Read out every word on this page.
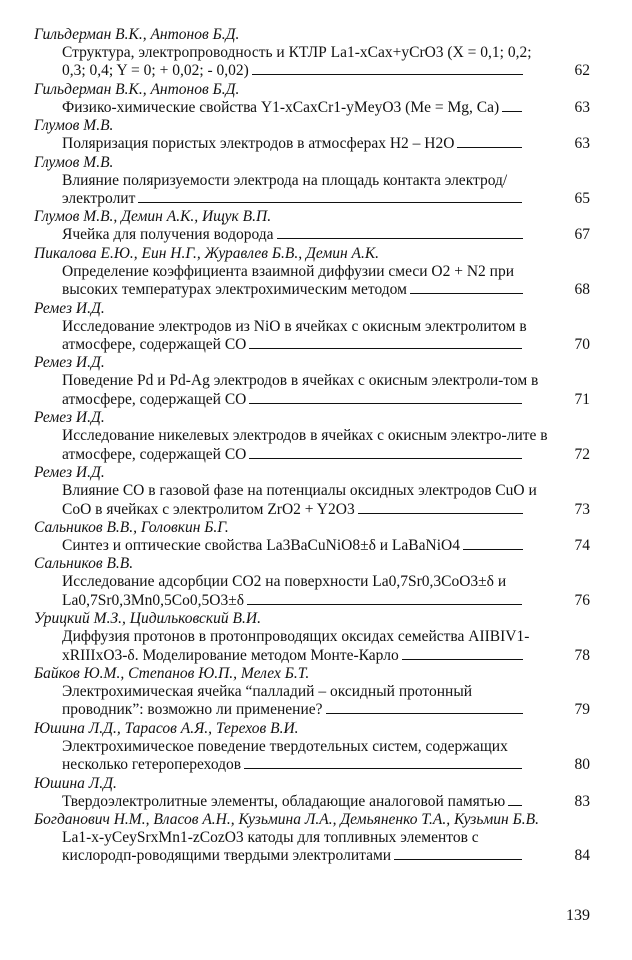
Гильдерман В.К., Антонов Б.Д.
Структура, электропроводность и КТЛР La1-xCax+yCrO3 (X = 0,1; 0,2; 0,3; 0,4; Y = 0; + 0,02; - 0,02)	62
Гильдерман В.К., Антонов Б.Д.
Физико-химические свойства Y1-xCaxCr1-yMeyO3 (Me = Mg, Ca)	63
Глумов М.В.
Поляризация пористых электродов в атмосферах H2 – H2O	63
Глумов М.В.
Влияние поляризуемости электрода на площадь контакта электрод/ электролит	65
Глумов М.В., Демин А.К., Ищук В.П.
Ячейка для получения водорода	67
Пикалова Е.Ю., Еин Н.Г., Журавлев Б.В., Демин А.К.
Определение коэффициента взаимной диффузии смеси O2 + N2 при высоких температурах электрохимическим методом	68
Ремез И.Д.
Исследование электродов из NiO в ячейках с окисным электролитом в атмосфере, содержащей CO	70
Ремез И.Д.
Поведение Pd и Pd-Ag электродов в ячейках с окисным электроли-том в атмосфере, содержащей CO	71
Ремез И.Д.
Исследование никелевых электродов в ячейках с окисным электро-лите в атмосфере, содержащей CO	72
Ремез И.Д.
Влияние CO в газовой фазе на потенциалы оксидных электродов CuO и CoO в ячейках с электролитом ZrO2 + Y2O3	73
Сальников В.В., Головкин Б.Г.
Синтез и оптические свойства La3BaCuNiO8±δ и LaBaNiO4	74
Сальников В.В.
Исследование адсорбции CO2 на поверхности La0,7Sr0,3CoO3±δ и La0,7Sr0,3Mn0,5Co0,5O3±δ	76
Урицкий М.З., Цидильковский В.И.
Диффузия протонов в протонпроводящих оксидах семейства AIIBIV1-xRIIIxO3-δ. Моделирование методом Монте-Карло	78
Байков Ю.М., Степанов Ю.П., Мелех Б.Т.
Электрохимическая ячейка “палладий – оксидный протонный проводник”: возможно ли применение?	79
Юшина Л.Д., Тарасов А.Я., Терехов В.И.
Электрохимическое поведение твердотельных систем, содержащих несколько гетеропереходов	80
Юшина Л.Д.
Твердоэлектролитные элементы, обладающие аналоговой памятью	83
Богданович Н.М., Власов А.Н., Кузьмина Л.А., Демьяненко Т.А., Кузьмин Б.В.
La1-x-yCeySrxMn1-zCozO3 катоды для топливных элементов с кислородп-роводящими твердыми электролитами	84
139
